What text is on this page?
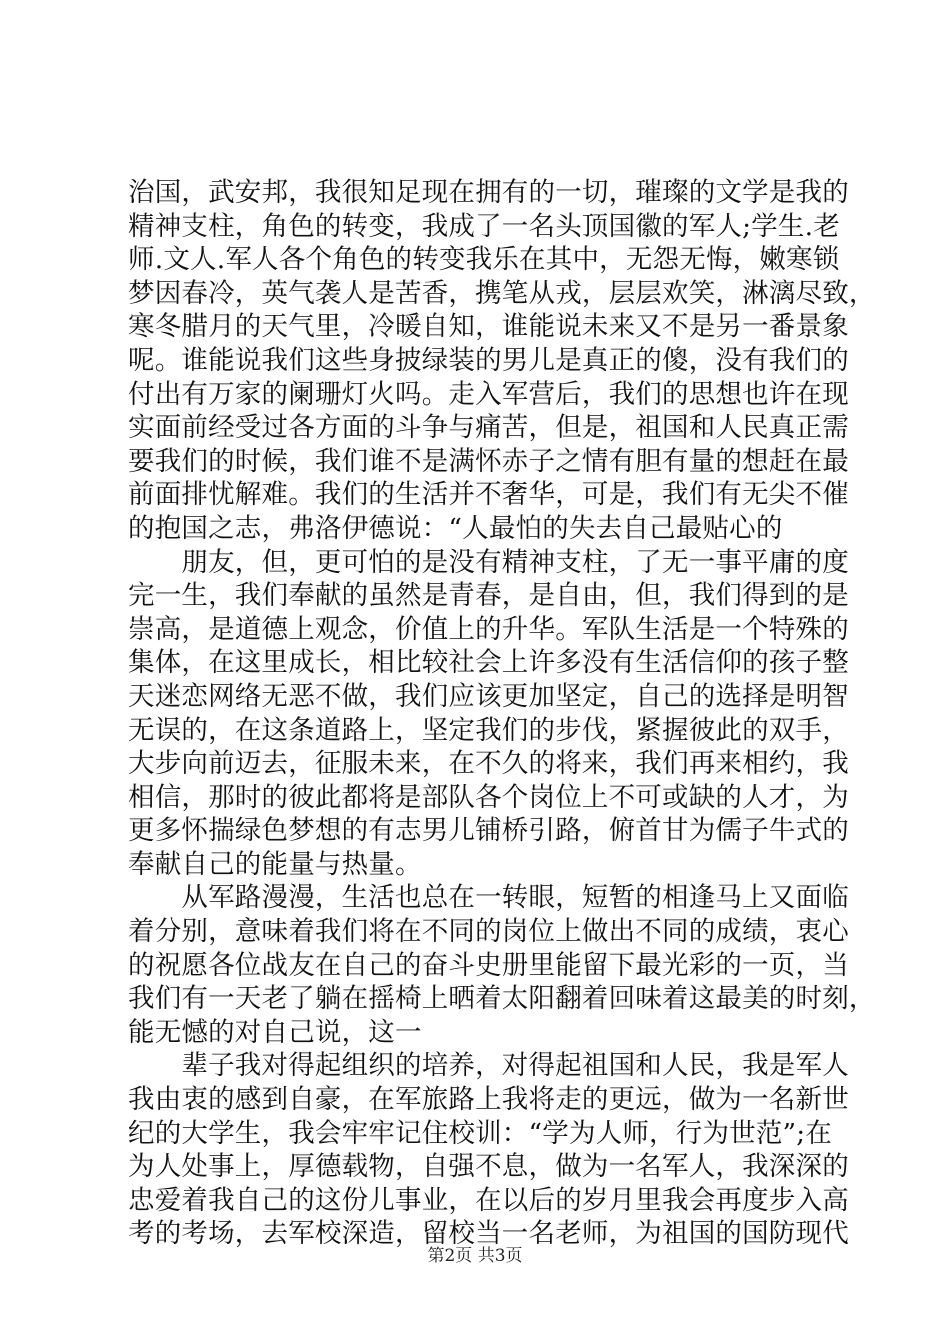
治国，武安邦，我很知足现在拥有的一切，璀璨的文学是我的
精神支柱，角色的转变，我成了一名头顶国徽的军人;学生.老
师.文人.军人各个角色的转变我乐在其中，无怨无悔，嫩寒锁
梦因春冷，英气袭人是苦香，携笔从戎，层层欢笑，淋漓尽致，
寒冬腊月的天气里，冷暖自知，谁能说未来又不是另一番景象
呢。谁能说我们这些身披绿装的男儿是真正的傻，没有我们的
付出有万家的阑珊灯火吗。走入军营后，我们的思想也许在现
实面前经受过各方面的斗争与痛苦，但是，祖国和人民真正需
要我们的时候，我们谁不是满怀赤子之情有胆有量的想赶在最
前面排忧解难。我们的生活并不奢华，可是，我们有无尖不催
的抱国之志，弗洛伊德说：“人最怕的失去自己最贴心的
　　朋友，但，更可怕的是没有精神支柱，了无一事平庸的度
完一生，我们奉献的虽然是青春，是自由，但，我们得到的是
崇高，是道德上观念，价值上的升华。军队生活是一个特殊的
集体，在这里成长，相比较社会上许多没有生活信仰的孩子整
天迷恋网络无恶不做，我们应该更加坚定，自己的选择是明智
无误的，在这条道路上，坚定我们的步伐，紧握彼此的双手，
大步向前迈去，征服未来，在不久的将来，我们再来相约，我
相信，那时的彼此都将是部队各个岗位上不可或缺的人才，为
更多怀揣绿色梦想的有志男儿铺桥引路，俯首甘为儒子牛式的
奉献自己的能量与热量。
　　从军路漫漫，生活也总在一转眼，短暂的相逢马上又面临
着分别，意味着我们将在不同的岗位上做出不同的成绩，衷心
的祝愿各位战友在自己的奋斗史册里能留下最光彩的一页，当
我们有一天老了躺在摇椅上晒着太阳翻着回味着这最美的时刻，
能无憾的对自己说，这一
　　辈子我对得起组织的培养，对得起祖国和人民，我是军人
我由衷的感到自豪，在军旅路上我将走的更远，做为一名新世
纪的大学生，我会牢牢记住校训：“学为人师，行为世范”;在
为人处事上，厚德载物，自强不息，做为一名军人，我深深的
忠爱着我自己的这份儿事业，在以后的岁月里我会再度步入高
考的考场，去军校深造，留校当一名老师，为祖国的国防现代
第2页 共3页
